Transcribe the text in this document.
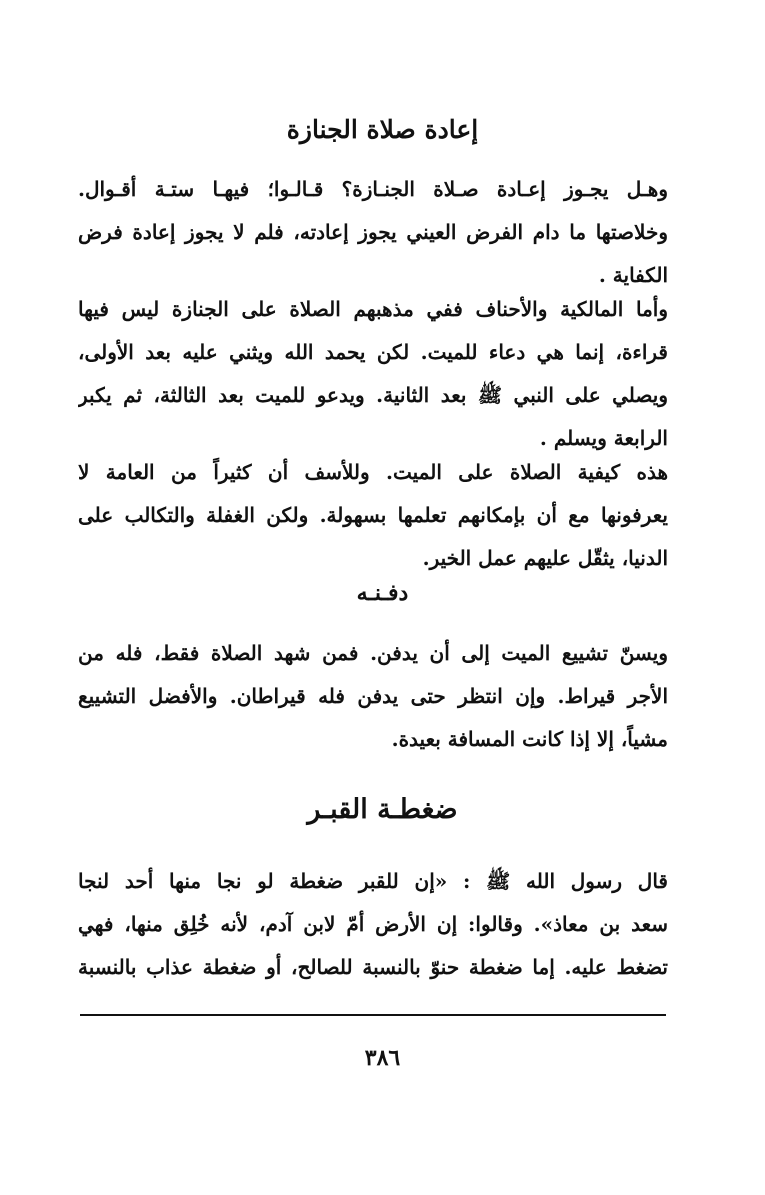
إعادة صلاة الجنازة
وهـل يجـوز إعـادة صـلاة الجنـازة؟ قـالـوا؛ فيهـا ستـة أقـوال.
وخلاصتها ما دام الفرض العيني يجوز إعادته، فلم لا يجوز إعادة فرض
الكفاية .
وأما المالكية والأحناف ففي مذهبهم الصلاة على الجنازة ليس فيها
قراءة، إنما هي دعاء للميت. لكن يحمد الله ويثني عليه بعد الأولى،
ويصلي على النبي ﷺ بعد الثانية. ويدعو للميت بعد الثالثة، ثم يكبر
الرابعة ويسلم .
هذه كيفية الصلاة على الميت. وللأسف أن كثيراً من العامة لا
يعرفونها مع أن بإمكانهم تعلمها بسهولة. ولكن الغفلة والتكالب على
الدنيا، يثقّل عليهم عمل الخير.
دفـنـه
ويسنّ تشييع الميت إلى أن يدفن. فمن شهد الصلاة فقط، فله من
الأجر قيراط. وإن انتظر حتى يدفن فله قيراطان. والأفضل التشييع
مشياً، إلا إذا كانت المسافة بعيدة.
ضغطـة القبـر
قال رسول الله ﷺ : «إن للقبر ضغطة لو نجا منها أحد لنجا
سعد بن معاذ». وقالوا: إن الأرض أمّ لابن آدم، لأنه خُلِق منها، فهي
تضغط عليه. إما ضغطة حنوّ بالنسبة للصالح، أو ضغطة عذاب بالنسبة
٣٨٦
